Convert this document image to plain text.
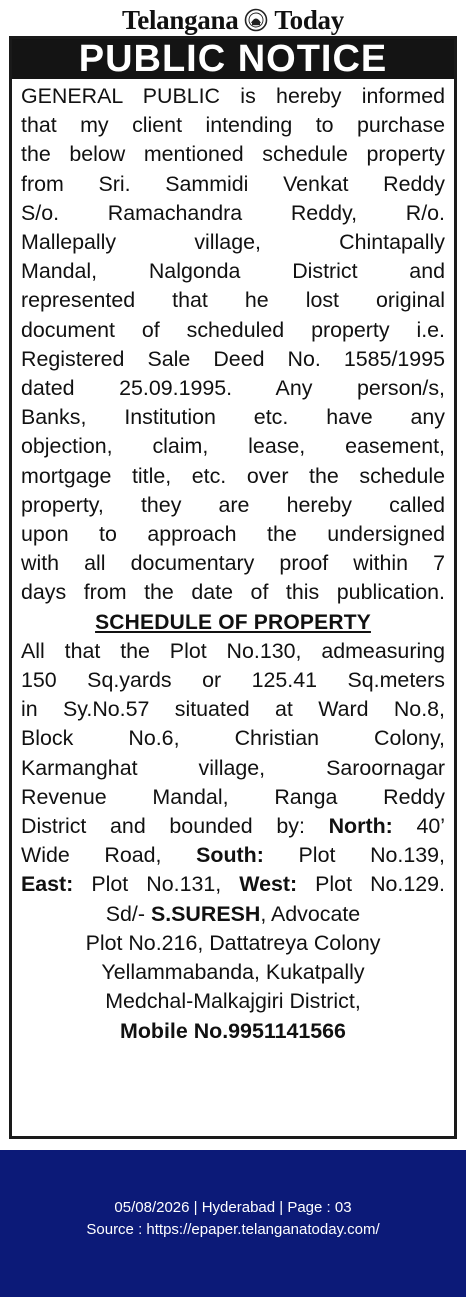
Telangana Today
PUBLIC NOTICE
GENERAL PUBLIC is hereby informed
that my client intending to purchase
the below mentioned schedule property
from Sri. Sammidi Venkat Reddy
S/o. Ramachandra Reddy, R/o.
Mallepally village, Chintapally
Mandal, Nalgonda District and
represented that he lost original
document of scheduled property i.e.
Registered Sale Deed No. 1585/1995
dated 25.09.1995. Any person/s,
Banks, Institution etc. have any
objection, claim, lease, easement,
mortgage title, etc. over the schedule
property, they are hereby called
upon to approach the undersigned
with all documentary proof within 7
days from the date of this publication.
SCHEDULE OF PROPERTY
All that the Plot No.130, admeasuring
150 Sq.yards or 125.41 Sq.meters
in Sy.No.57 situated at Ward No.8,
Block No.6, Christian Colony,
Karmanghat village, Saroornagar
Revenue Mandal, Ranga Reddy
District and bounded by: North: 40’
Wide Road, South: Plot No.139,
East: Plot No.131, West: Plot No.129.
Sd/- S.SURESH, Advocate
Plot No.216, Dattatreya Colony
Yellammabanda, Kukatpally
Medchal-Malkajgiri District,
Mobile No.9951141566
05/08/2026 | Hyderabad | Page : 03
Source : https://epaper.telanganatoday.com/
